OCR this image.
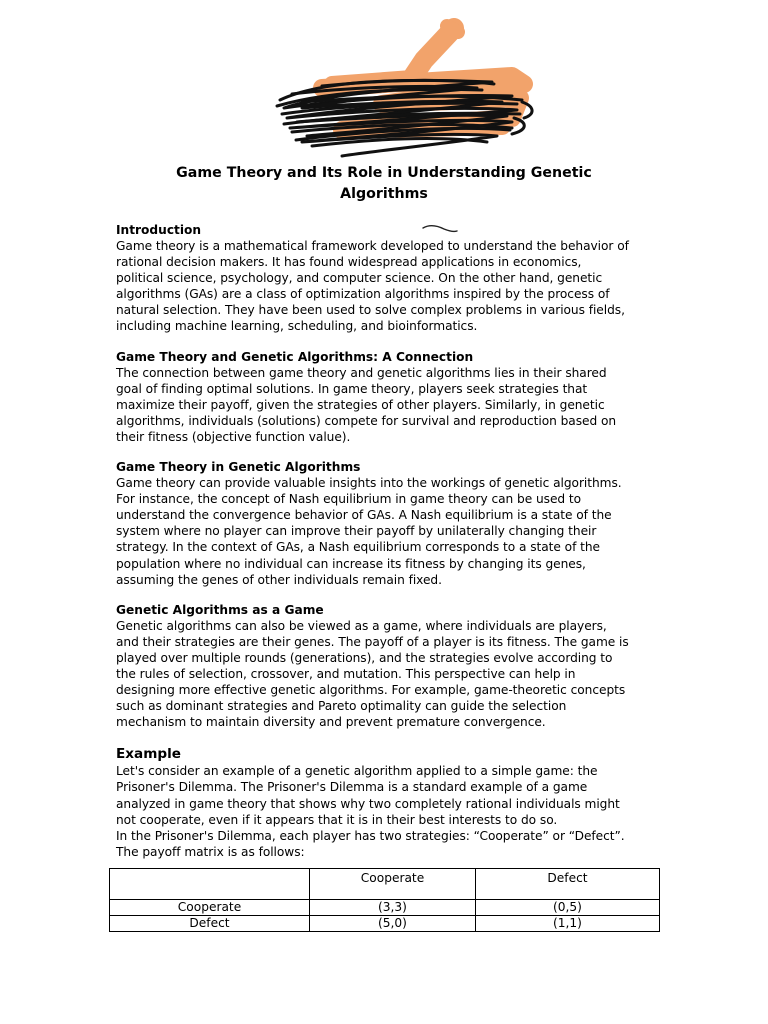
Game Theory and Its Role in Understanding Genetic Algorithms

Introduction

Game theory is a mathematical framework developed to understand the behavior of
rational decision makers. It has found widespread applications in economics,
political science, psychology, and computer science. On the other hand, genetic
algorithms (GAs) are a class of optimization algorithms inspired by the process of
natural selection. They have been used to solve complex problems in various fields,
including machine learning, scheduling, and bioinformatics.

Game Theory and Genetic Algorithms: A Connection

The connection between game theory and genetic algorithms lies in their shared
goal of finding optimal solutions. In game theory, players seek strategies that
maximize their payoff, given the strategies of other players. Similarly, in genetic
algorithms, individuals (solutions) compete for survival and reproduction based on
their fitness (objective function value).

Game Theory in Genetic Algorithms

Game theory can provide valuable insights into the workings of genetic algorithms.
For instance, the concept of Nash equilibrium in game theory can be used to
understand the convergence behavior of GAs. A Nash equilibrium is a state of the
system where no player can improve their payoff by unilaterally changing their
strategy. In the context of GAs, a Nash equilibrium corresponds to a state of the
population where no individual can increase its fitness by changing its genes,
assuming the genes of other individuals remain fixed.

Genetic Algorithms as a Game

Genetic algorithms can also be viewed as a game, where individuals are players,
and their strategies are their genes. The payoff of a player is its fitness. The game is
played over multiple rounds (generations), and the strategies evolve according to
the rules of selection, crossover, and mutation. This perspective can help in
designing more effective genetic algorithms. For example, game-theoretic concepts
such as dominant strategies and Pareto optimality can guide the selection
mechanism to maintain diversity and prevent premature convergence.

Example

Let's consider an example of a genetic algorithm applied to a simple game: the
Prisoner's Dilemma. The Prisoner's Dilemma is a standard example of a game
analyzed in game theory that shows why two completely rational individuals might
not cooperate, even if it appears that it is in their best interests to do so.
In the Prisoner's Dilemma, each player has two strategies: “Cooperate” or “Defect”.
The payoff matrix is as follows:

	Cooperate	Defect
Cooperate	(3,3)	(0,5)
Defect	(5,0)	(1,1)
